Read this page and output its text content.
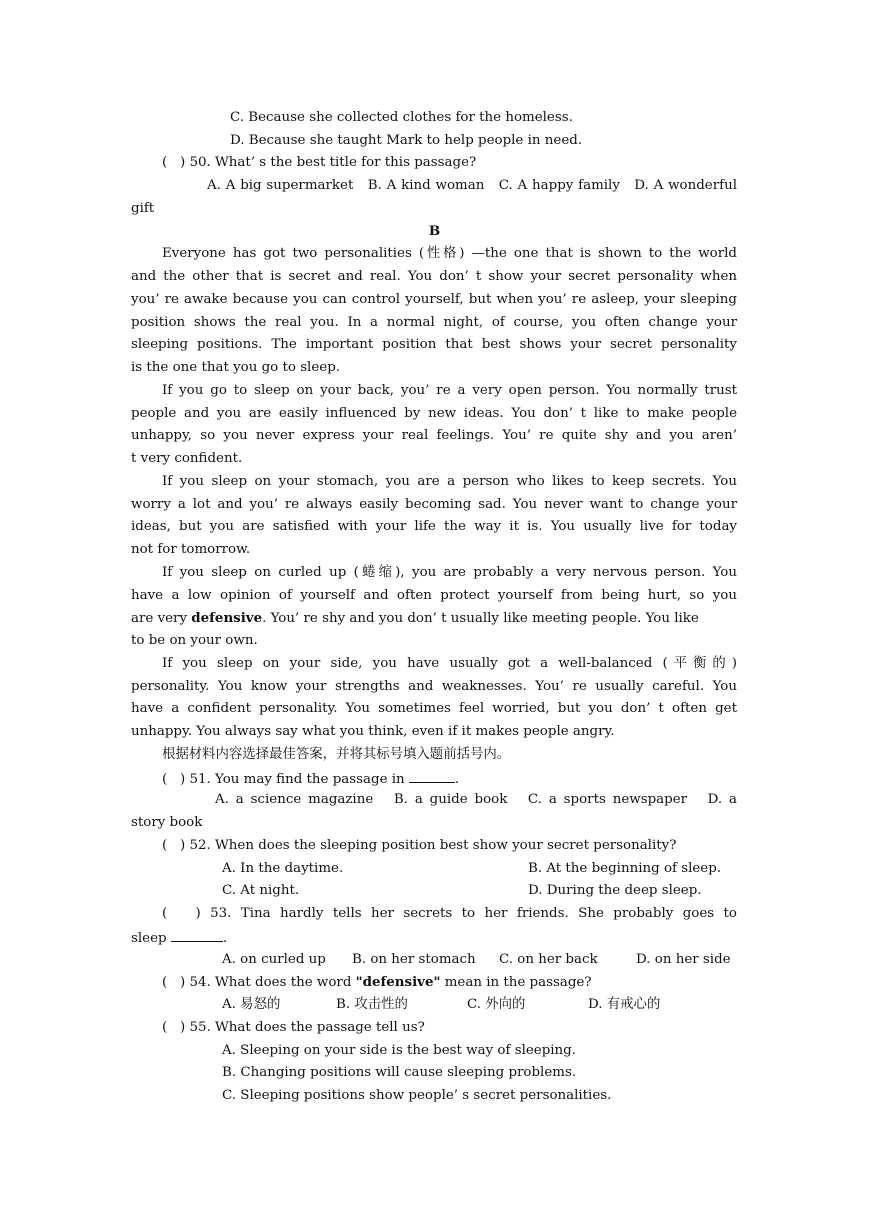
C. Because she collected clothes for the homeless.
D. Because she taught Mark to help people in need.
(   ) 50. What’ s the best title for this passage?
A. A big supermarket   B. A kind woman   C. A happy family   D. A wonderful
gift
B
Everyone has got two personalities (性格) —the one that is shown to the world
and the other that is secret and real. You don’ t show your secret personality when
you’ re awake because you can control yourself, but when you’ re asleep, your sleeping
position shows the real you. In a normal night, of course, you often change your
sleeping positions. The important position that best shows your secret personality
is the one that you go to sleep.
If you go to sleep on your back, you’ re a very open person. You normally trust
people and you are easily influenced by new ideas. You don’ t like to make people
unhappy, so you never express your real feelings. You’ re quite shy and you aren’
t very confident.
If you sleep on your stomach, you are a person who likes to keep secrets. You
worry a lot and you’ re always easily becoming sad. You never want to change your
ideas, but you are satisfied with your life the way it is. You usually live for today
not for tomorrow.
If you sleep on curled up (蜷缩), you are probably a very nervous person. You
have a low opinion of yourself and often protect yourself from being hurt, so you
are very defensive. You’ re shy and you don’ t usually like meeting people. You like
to be on your own.
If you sleep on your side, you have usually got a well-balanced (平衡的)
personality. You know your strengths and weaknesses. You’ re usually careful. You
have a confident personality. You sometimes feel worried, but you don’ t often get
unhappy. You always say what you think, even if it makes people angry.
根据材料内容选择最佳答案，并将其标号填入题前括号内。
(   ) 51. You may find the passage in	.
A. a science magazine   B. a guide book   C. a sports newspaper   D. a
story book
(   ) 52. When does the sleeping position best show your secret personality?
A. In the daytime.	B. At the beginning of sleep.
C. At night.	D. During the deep sleep.
(   ) 53. Tina hardly tells her secrets to her friends. She probably goes to
sleep	.
A. on curled up B. on her stomach C. on her back	D. on her side
(   ) 54. What does the word "defensive" mean in the passage?
A. 易怒的	B. 攻击性的	C. 外向的	D. 有戒心的
(   ) 55. What does the passage tell us?
A. Sleeping on your side is the best way of sleeping.
B. Changing positions will cause sleeping problems.
C. Sleeping positions show people’ s secret personalities.
